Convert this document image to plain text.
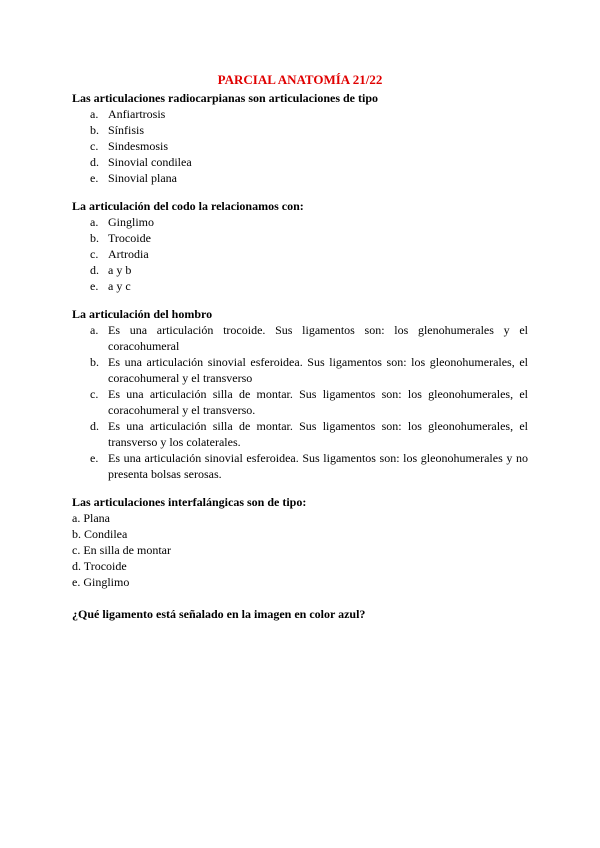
PARCIAL ANATOMÍA 21/22

Las articulaciones radiocarpianas son articulaciones de tipo

a. Anfiartrosis
b. Sínfisis
c. Sindesmosis
d. Sinovial condilea
e. Sinovial plana

La articulación del codo la relacionamos con:

a. Ginglimo
b. Trocoide
c. Artrodia
d. a y b
e. a y c

La articulación del hombro

a. Es una articulación trocoide. Sus ligamentos son: los glenohumerales y el coracohumeral
b. Es una articulación sinovial esferoidea. Sus ligamentos son: los gleonohumerales, el coracohumeral y el transverso
c. Es una articulación silla de montar. Sus ligamentos son: los gleonohumerales, el coracohumeral y el transverso.
d. Es una articulación silla de montar. Sus ligamentos son: los gleonohumerales, el transverso y los colaterales.
e. Es una articulación sinovial esferoidea. Sus ligamentos son: los gleonohumerales y no presenta bolsas serosas.

Las articulaciones interfalángicas son de tipo:

a. Plana
b. Condilea
c. En silla de montar
d. Trocoide
e. Ginglimo

¿Qué ligamento está señalado en la imagen en color azul?
